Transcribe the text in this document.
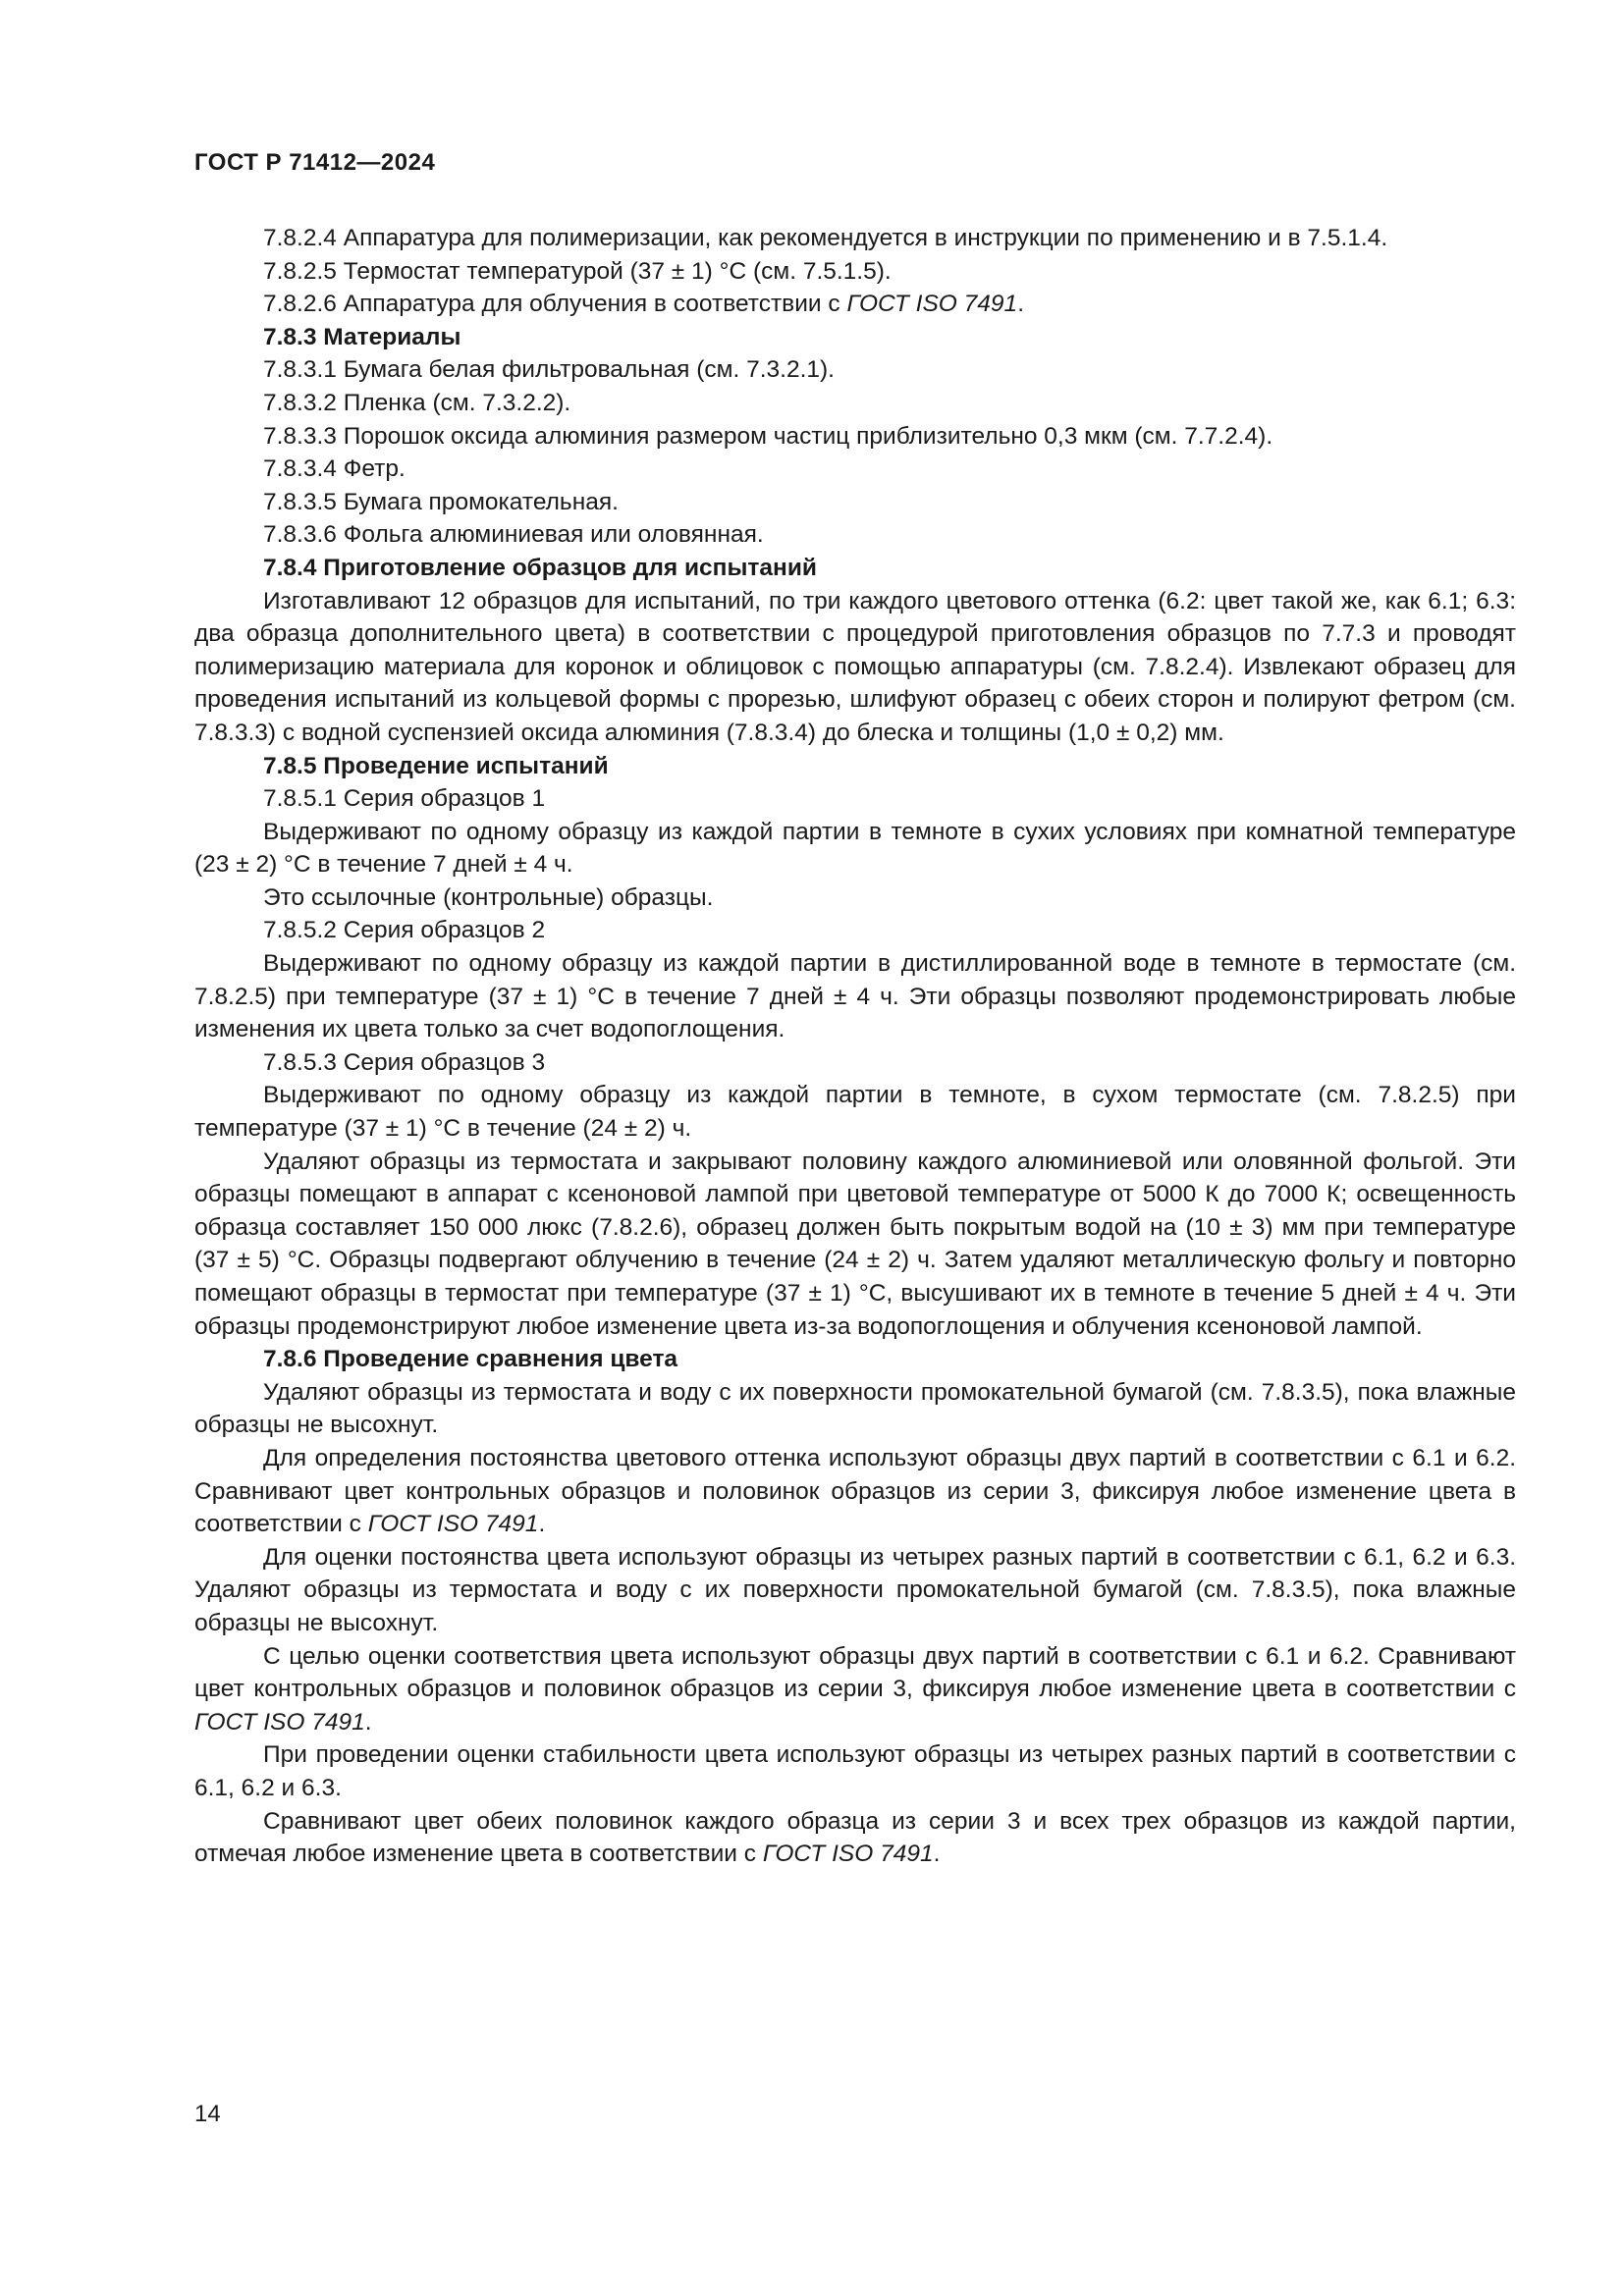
ГОСТ Р 71412—2024

7.8.2.4 Аппаратура для полимеризации, как рекомендуется в инструкции по применению и в 7.5.1.4.

7.8.2.5 Термостат температурой (37 ± 1) °С (см. 7.5.1.5).

7.8.2.6 Аппаратура для облучения в соответствии с ГОСТ ISO 7491.

7.8.3 Материалы

7.8.3.1 Бумага белая фильтровальная (см. 7.3.2.1).

7.8.3.2 Пленка (см. 7.3.2.2).

7.8.3.3 Порошок оксида алюминия размером частиц приблизительно 0,3 мкм (см. 7.7.2.4).

7.8.3.4 Фетр.

7.8.3.5 Бумага промокательная.

7.8.3.6 Фольга алюминиевая или оловянная.

7.8.4 Приготовление образцов для испытаний

Изготавливают 12 образцов для испытаний, по три каждого цветового оттенка (6.2: цвет такой же, как 6.1; 6.3: два образца дополнительного цвета) в соответствии с процедурой приготовления образцов по 7.7.3 и проводят полимеризацию материала для коронок и облицовок с помощью аппаратуры (см. 7.8.2.4). Извлекают образец для проведения испытаний из кольцевой формы с прорезью, шлифуют образец с обеих сторон и полируют фетром (см. 7.8.3.3) с водной суспензией оксида алюминия (7.8.3.4) до блеска и толщины (1,0 ± 0,2) мм.

7.8.5 Проведение испытаний

7.8.5.1 Серия образцов 1

Выдерживают по одному образцу из каждой партии в темноте в сухих условиях при комнатной температуре (23 ± 2) °С в течение 7 дней ± 4 ч.

Это ссылочные (контрольные) образцы.

7.8.5.2 Серия образцов 2

Выдерживают по одному образцу из каждой партии в дистиллированной воде в темноте в термостате (см. 7.8.2.5) при температуре (37 ± 1) °С в течение 7 дней ± 4 ч. Эти образцы позволяют продемонстрировать любые изменения их цвета только за счет водопоглощения.

7.8.5.3 Серия образцов 3

Выдерживают по одному образцу из каждой партии в темноте, в сухом термостате (см. 7.8.2.5) при температуре (37 ± 1) °С в течение (24 ± 2) ч.

Удаляют образцы из термостата и закрывают половину каждого алюминиевой или оловянной фольгой. Эти образцы помещают в аппарат с ксеноновой лампой при цветовой температуре от 5000 К до 7000 К; освещенность образца составляет 150 000 люкс (7.8.2.6), образец должен быть покрытым водой на (10 ± 3) мм при температуре (37 ± 5) °С. Образцы подвергают облучению в течение (24 ± 2) ч. Затем удаляют металлическую фольгу и повторно помещают образцы в термостат при температуре (37 ± 1) °С, высушивают их в темноте в течение 5 дней ± 4 ч. Эти образцы продемонстрируют любое изменение цвета из-за водопоглощения и облучения ксеноновой лампой.

7.8.6 Проведение сравнения цвета

Удаляют образцы из термостата и воду с их поверхности промокательной бумагой (см. 7.8.3.5), пока влажные образцы не высохнут.

Для определения постоянства цветового оттенка используют образцы двух партий в соответствии с 6.1 и 6.2. Сравнивают цвет контрольных образцов и половинок образцов из серии 3, фиксируя любое изменение цвета в соответствии с ГОСТ ISO 7491.

Для оценки постоянства цвета используют образцы из четырех разных партий в соответствии с 6.1, 6.2 и 6.3. Удаляют образцы из термостата и воду с их поверхности промокательной бумагой (см. 7.8.3.5), пока влажные образцы не высохнут.

С целью оценки соответствия цвета используют образцы двух партий в соответствии с 6.1 и 6.2. Сравнивают цвет контрольных образцов и половинок образцов из серии 3, фиксируя любое изменение цвета в соответствии с ГОСТ ISO 7491.

При проведении оценки стабильности цвета используют образцы из четырех разных партий в соответствии с 6.1, 6.2 и 6.3.

Сравнивают цвет обеих половинок каждого образца из серии 3 и всех трех образцов из каждой партии, отмечая любое изменение цвета в соответствии с ГОСТ ISO 7491.

14
